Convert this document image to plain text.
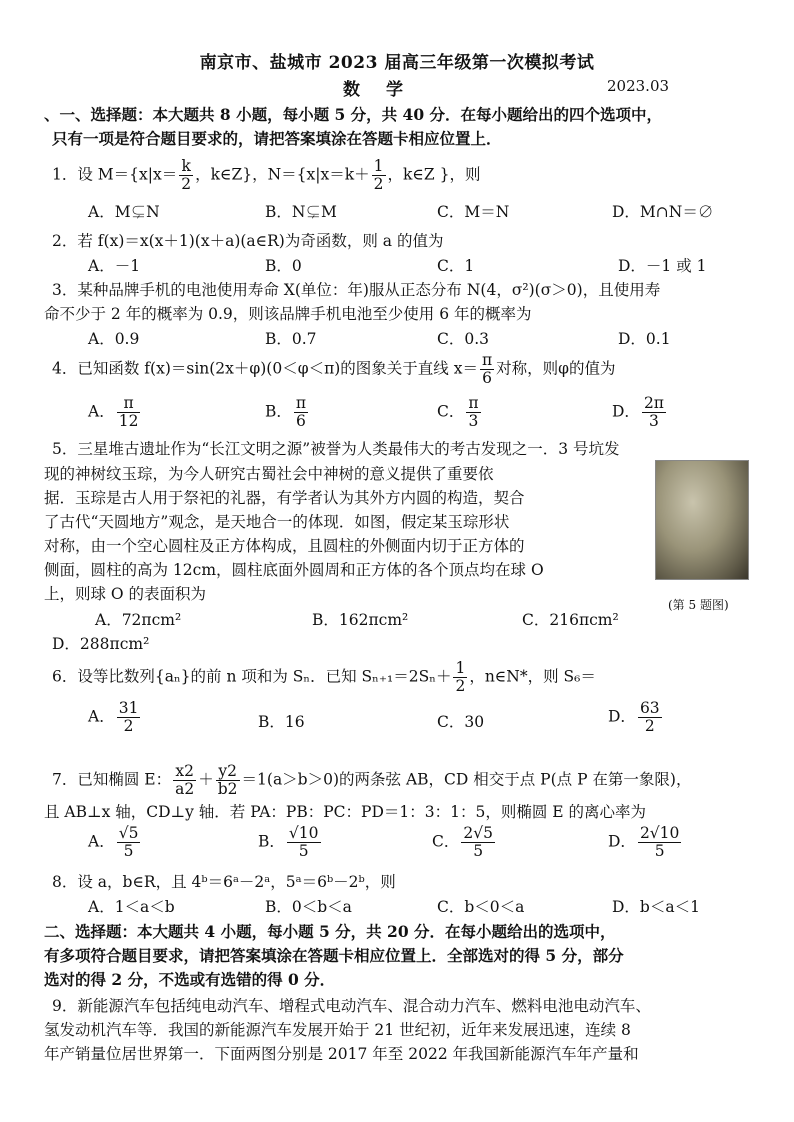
南京市、盐城市 2023 届高三年级第一次模拟考试
数学	2023.03
、一、选择题：本大题共 8 小题，每小题 5 分，共 40 分．在每小题给出的四个选项中，
只有一项是符合题目要求的，请把答案填涂在答题卡相应位置上．
1．设 $M=\{x|x= \frac{k}{2}$ ，k∈Z}，$N=\{x|x=k+ \frac{1}{2}$ ，k∈Z }，则
A．M⊊N	B．N⊊M	C．M＝N	D．M∩N＝∅
2．若 f(x)＝x(x＋1)(x＋a)(a∈R)为奇函数，则 a 的值为
A．－1	B．0	C．1	D．－1 或 1
3．某种品牌手机的电池使用寿命 X(单位：年)服从正态分布 N(4，σ²)(σ＞0)，且使用寿
命不少于 2 年的概率为 0.9，则该品牌手机电池至少使用 6 年的概率为
A．0.9	B．0.7	C．0.3	D．0.1
4．已知函数 f(x)＝sin(2x＋φ)(0＜φ＜π)的图象关于直线 $x= \frac{\pi}{6}$ 对称，则φ的值为
A． $\frac{\pi}{12}$	B． $\frac{\pi}{6}$	C． $\frac{\pi}{3}$	D． $\frac{2\pi}{3}$
5．三星堆古遗址作为“长江文明之源”被誉为人类最伟大的考古发现之一．3 号坑发
现的神树纹玉琮，为今人研究古蜀社会中神树的意义提供了重要依
据．玉琮是古人用于祭祀的礼器，有学者认为其外方内圆的构造，契合
了古代“天圆地方”观念，是天地合一的体现．如图，假定某玉琮形状
对称，由一个空心圆柱及正方体构成，且圆柱的外侧面内切于正方体的
侧面，圆柱的高为 12cm，圆柱底面外圆周和正方体的各个顶点均在球 O
上，则球 O 的表面积为
(第 5 题图)
A．72πcm²	B．162πcm²	C．216πcm²
D．288πcm²
6．设等比数列{aₙ}的前 n 项和为 Sₙ．已知 $S_{n+1}=2S_n+ \frac{1}{2}$ ，n∈N*，则 S₆＝
A． $\frac{31}{2}$	B．16	C．30	D． $\frac{63}{2}$
7．已知椭圆 E： $\frac{x2}{a2} + \frac{y2}{b2} =1(a>b>0)$的两条弦 AB，CD 相交于点 P(点 P 在第一象限)，
且 AB⊥x 轴，CD⊥y 轴．若 PA：PB：PC：PD＝1：3：1：5，则椭圆 E 的离心率为
A． $\frac{√5}{5}$	B． $\frac{√10}{5}$	C． $\frac{2√5}{5}$	D． $\frac{2√10}{5}$
8．设 a，b∈R，且 4ᵇ＝6ᵃ－2ᵃ，5ᵃ＝6ᵇ－2ᵇ，则
A．1＜a＜b	B．0＜b＜a	C．b＜0＜a	D．b＜a＜1
二、选择题：本大题共 4 小题，每小题 5 分，共 20 分．在每小题给出的选项中，
有多项符合题目要求，请把答案填涂在答题卡相应位置上．全部选对的得 5 分，部分
选对的得 2 分，不选或有选错的得 0 分．
9．新能源汽车包括纯电动汽车、增程式电动汽车、混合动力汽车、燃料电池电动汽车、
氢发动机汽车等．我国的新能源汽车发展开始于 21 世纪初，近年来发展迅速，连续 8
年产销量位居世界第一．下面两图分别是 2017 年至 2022 年我国新能源汽车年产量和
